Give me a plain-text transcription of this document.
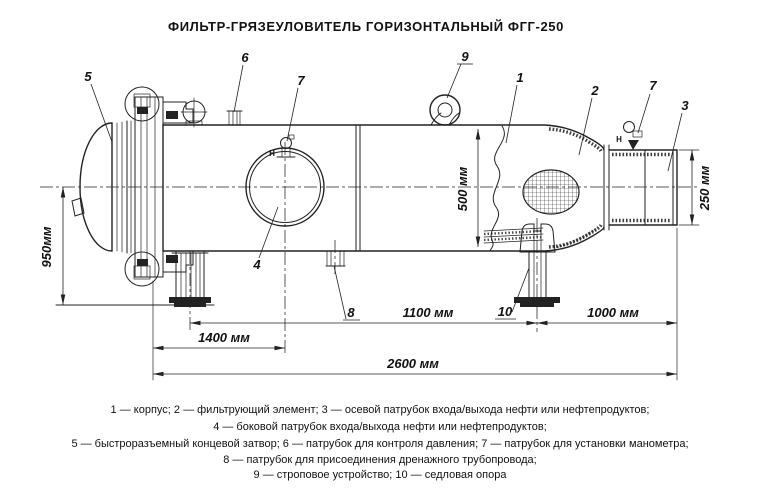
ФИЛЬТР-ГРЯЗЕУЛОВИТЕЛЬ ГОРИЗОНТАЛЬНЫЙ ФГГ-250
950мм
500 мм	250 мм
1100 мм	1000 мм
1400 мм
2600 мм
5
6
7
9
1
2	7
3
4
8	10
Н
Н
1 — корпус; 2 — фильтрующий элемент; 3 — осевой патрубок входа/выхода нефти или нефтепродуктов;
4 — боковой патрубок входа/выхода нефти или нефтепродуктов;
5 — быстроразъемный концевой затвор; 6 — патрубок для контроля давления; 7 — патрубок для установки манометра;
8 — патрубок для присоединения дренажного трубопровода;
9 — строповое устройство; 10 — седловая опора
